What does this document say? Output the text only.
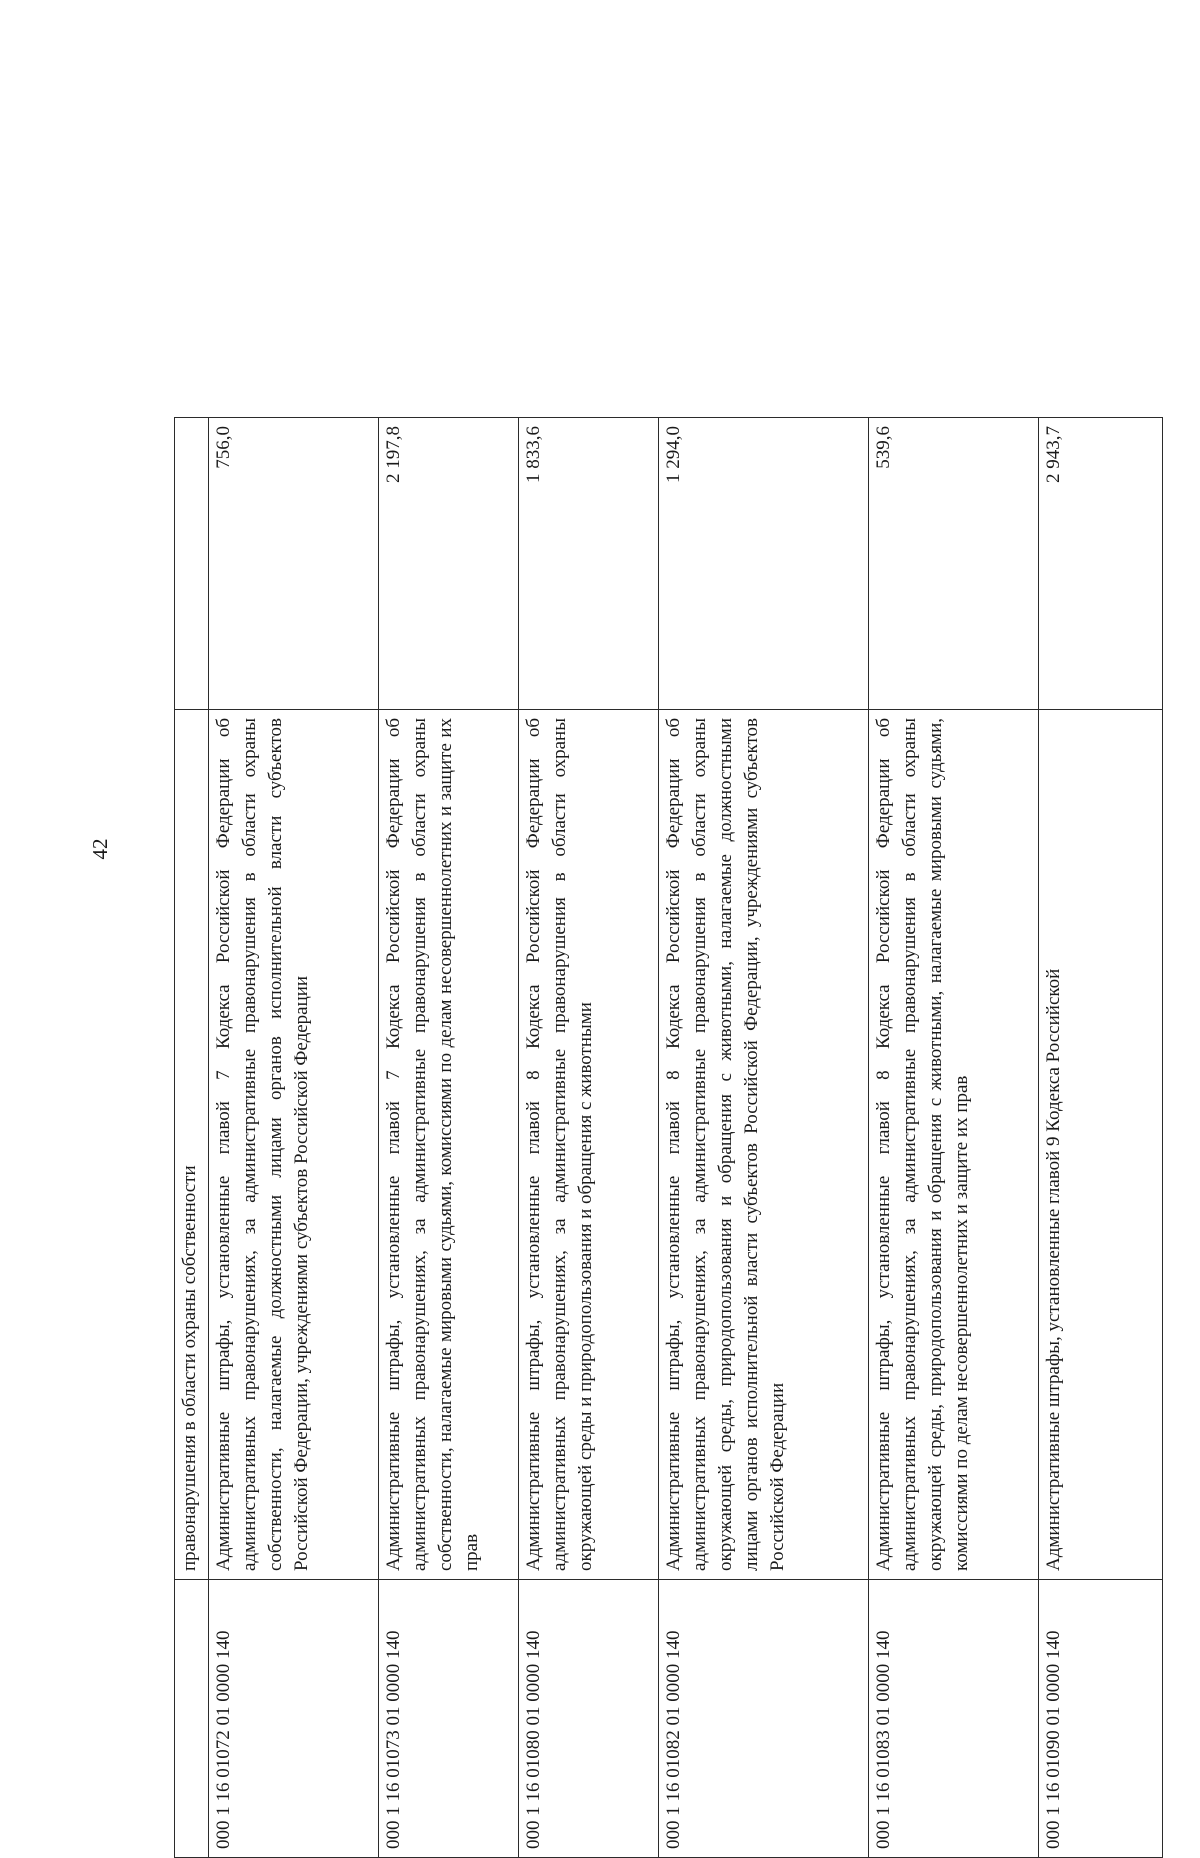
42
	правонарушения в области охраны собственности	
000 1 16 01072 01 0000 140	Административные штрафы, установленные главой 7 Кодекса Российской Федерации об административных правонарушениях, за административные правонарушения в области охраны собственности, налагаемые должностными лицами органов исполнительной власти субъектов Российской Федерации, учреждениями субъектов Российской Федерации	756,0
000 1 16 01073 01 0000 140	Административные штрафы, установленные главой 7 Кодекса Российской Федерации об административных правонарушениях, за административные правонарушения в области охраны собственности, налагаемые мировыми судьями, комиссиями по делам несовершеннолетних и защите их прав	2 197,8
000 1 16 01080 01 0000 140	Административные штрафы, установленные главой 8 Кодекса Российской Федерации об административных правонарушениях, за административные правонарушения в области охраны окружающей среды и природопользования и обращения с животными	1 833,6
000 1 16 01082 01 0000 140	Административные штрафы, установленные главой 8 Кодекса Российской Федерации об административных правонарушениях, за административные правонарушения в области охраны окружающей среды, природопользования и обращения с животными, налагаемые должностными лицами органов исполнительной власти субъектов Российской Федерации, учреждениями субъектов Российской Федерации	1 294,0
000 1 16 01083 01 0000 140	Административные штрафы, установленные главой 8 Кодекса Российской Федерации об административных правонарушениях, за административные правонарушения в области охраны окружающей среды, природопользования и обращения с животными, налагаемые мировыми судьями, комиссиями по делам несовершеннолетних и защите их прав	539,6
000 1 16 01090 01 0000 140	Административные штрафы, установленные главой 9 Кодекса Российской	2 943,7
